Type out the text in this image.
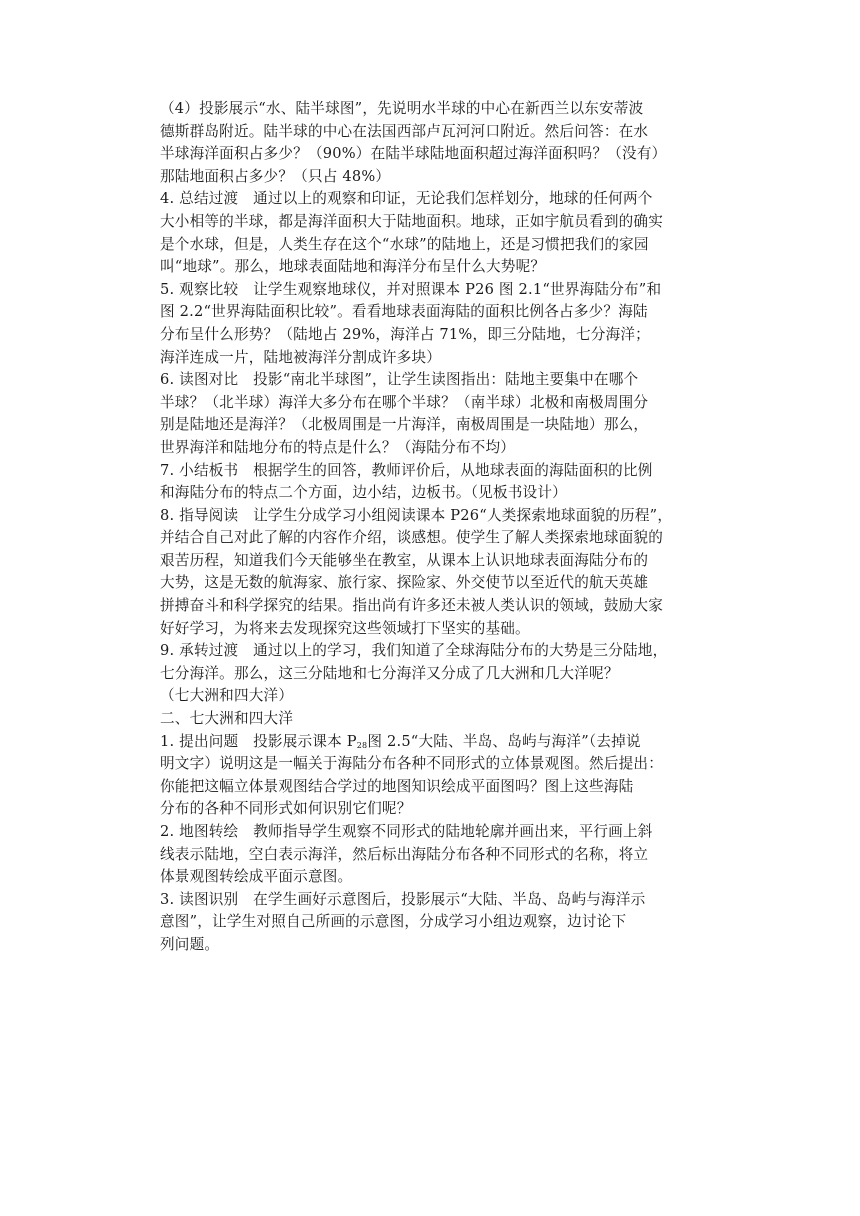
（4）投影展示“水、陆半球图”，先说明水半球的中心在新西兰以东安蒂波
德斯群岛附近。陆半球的中心在法国西部卢瓦河河口附近。然后问答：在水
半球海洋面积占多少？（90%）在陆半球陆地面积超过海洋面积吗？（没有）
那陆地面积占多少？（只占 48%）
4. 总结过渡　通过以上的观察和印证，无论我们怎样划分，地球的任何两个
大小相等的半球，都是海洋面积大于陆地面积。地球，正如宇航员看到的确实
是个水球，但是，人类生存在这个“水球”的陆地上，还是习惯把我们的家园
叫“地球”。那么，地球表面陆地和海洋分布呈什么大势呢？
5. 观察比较　让学生观察地球仪，并对照课本 P26 图 2.1“世界海陆分布”和
图 2.2“世界海陆面积比较”。看看地球表面海陆的面积比例各占多少？海陆
分布呈什么形势？（陆地占 29%，海洋占 71%，即三分陆地，七分海洋；
海洋连成一片，陆地被海洋分割成许多块）
6. 读图对比　投影“南北半球图”，让学生读图指出：陆地主要集中在哪个
半球？（北半球）海洋大多分布在哪个半球？（南半球）北极和南极周围分
别是陆地还是海洋？（北极周围是一片海洋，南极周围是一块陆地）那么，
世界海洋和陆地分布的特点是什么？（海陆分布不均）
7. 小结板书　根据学生的回答，教师评价后，从地球表面的海陆面积的比例
和海陆分布的特点二个方面，边小结，边板书。（见板书设计）
8. 指导阅读　让学生分成学习小组阅读课本 P26“人类探索地球面貌的历程”，
并结合自己对此了解的内容作介绍，谈感想。使学生了解人类探索地球面貌的
艰苦历程，知道我们今天能够坐在教室，从课本上认识地球表面海陆分布的
大势，这是无数的航海家、旅行家、探险家、外交使节以至近代的航天英雄
拼搏奋斗和科学探究的结果。指出尚有许多还未被人类认识的领域，鼓励大家
好好学习，为将来去发现探究这些领域打下坚实的基础。
9. 承转过渡　通过以上的学习，我们知道了全球海陆分布的大势是三分陆地，
七分海洋。那么，这三分陆地和七分海洋又分成了几大洲和几大洋呢？
（七大洲和四大洋）
二、七大洲和四大洋
1. 提出问题　投影展示课本 $P_{28}$图 2.5“大陆、半岛、岛屿与海洋”（去掉说
明文字）说明这是一幅关于海陆分布各种不同形式的立体景观图。然后提出：
你能把这幅立体景观图结合学过的地图知识绘成平面图吗？图上这些海陆
分布的各种不同形式如何识别它们呢？
2. 地图转绘　教师指导学生观察不同形式的陆地轮廓并画出来，平行画上斜
线表示陆地，空白表示海洋，然后标出海陆分布各种不同形式的名称，将立
体景观图转绘成平面示意图。
3. 读图识别　在学生画好示意图后，投影展示“大陆、半岛、岛屿与海洋示
意图”，让学生对照自己所画的示意图，分成学习小组边观察，边讨论下
列问题。
